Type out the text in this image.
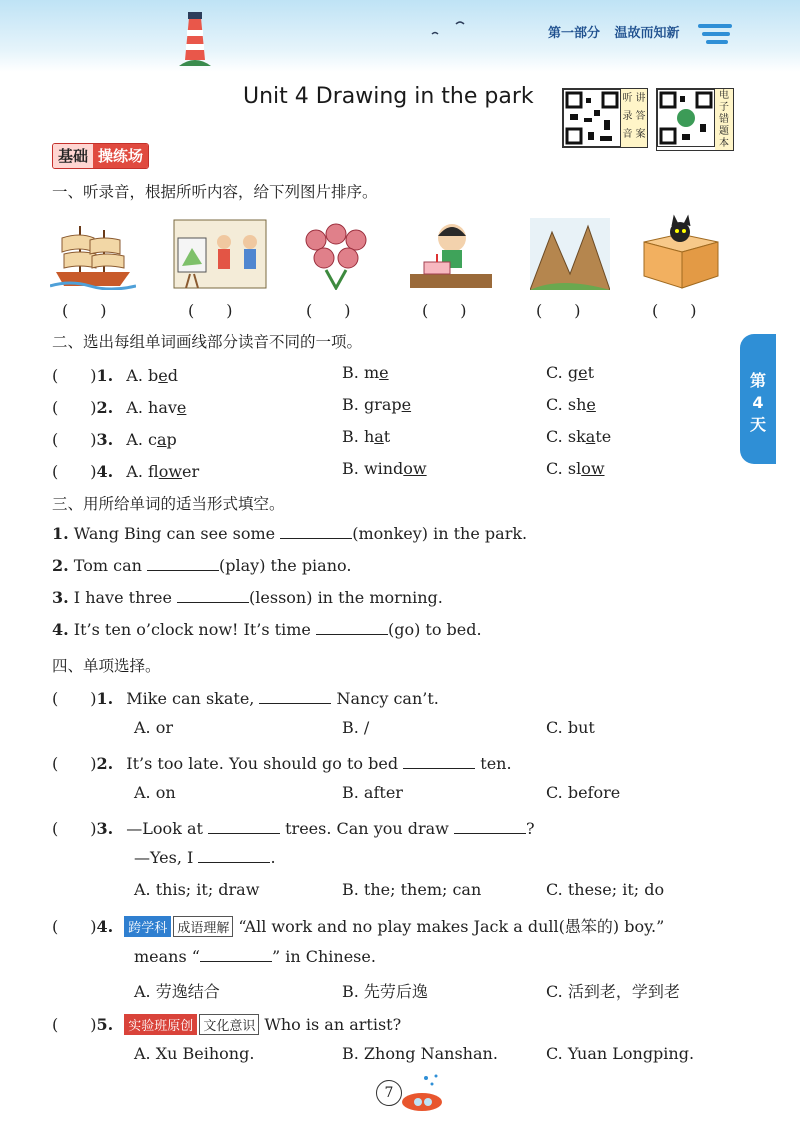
第一部分 温故而知新
Unit 4 Drawing in the park	听 讲
录 答
音 案
电
子
错
题
本
基础 操练场
第
4
天
一、听录音，根据所听内容，给下列图片排序。
(　　)	(　　)	(　　)	(　　)	(　　)	(　　)
二、选出每组单词画线部分读音不同的一项。
(　　)1. A. bed	B. me	C. get
(　　)2. A. have	B. grape	C. she
(　　)3. A. cap	B. hat	C. skate
(　　)4. A. flower	B. window	C. slow
三、用所给单词的适当形式填空。
1. Wang Bing can see some	(monkey) in the park.
2. Tom can	(play) the piano.
3. I have three	(lesson) in the morning.
4. It’s ten o’clock now! It’s time	(go) to bed.
四、单项选择。
(　　)1. Mike can skate,	Nancy can’t.
A. or	B. /	C. but
(　　)2. It’s too late. You should go to bed	ten.
A. on	B. after	C. before
(　　)3. —Look at	trees. Can you draw	?
—Yes, I	.
A. this; it; draw	B. the; them; can	C. these; it; do
(　　)4. 跨学科 成语理解 “All work and no play makes Jack a dull(愚笨的) boy.”
means “	” in Chinese.
A. 劳逸结合	B. 先劳后逸	C. 活到老，学到老
(　　)5. 实验班原创 文化意识 Who is an artist?
A. Xu Beihong.	B. Zhong Nanshan.	C. Yuan Longping.
7
